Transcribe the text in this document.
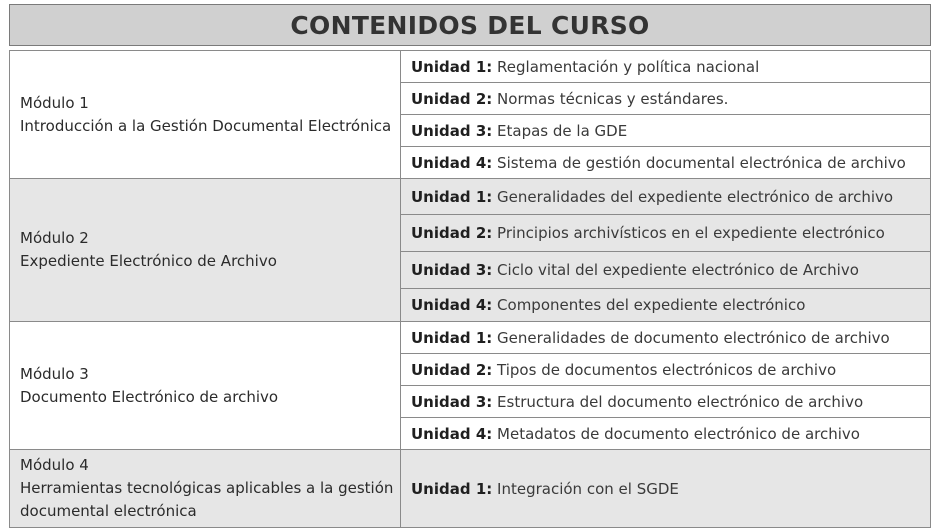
CONTENIDOS DEL CURSO
Módulo 1
Introducción a la Gestión Documental Electrónica	Unidad 1: Reglamentación y política nacional
	Unidad 2: Normas técnicas y estándares.
	Unidad 3: Etapas de la GDE
	Unidad 4: Sistema de gestión documental electrónica de archivo

Módulo 2
Expediente Electrónico de Archivo	Unidad 1: Generalidades del expediente electrónico de archivo
	Unidad 2: Principios archivísticos en el expediente electrónico
	Unidad 3: Ciclo vital del expediente electrónico de Archivo
	Unidad 4: Componentes del expediente electrónico

Módulo 3
Documento Electrónico de archivo	Unidad 1: Generalidades de documento electrónico de archivo
	Unidad 2: Tipos de documentos electrónicos de archivo
	Unidad 3: Estructura del documento electrónico de archivo
	Unidad 4: Metadatos de documento electrónico de archivo

Módulo 4
Herramientas tecnológicas aplicables a la gestión
documental electrónica	Unidad 1: Integración con el SGDE
